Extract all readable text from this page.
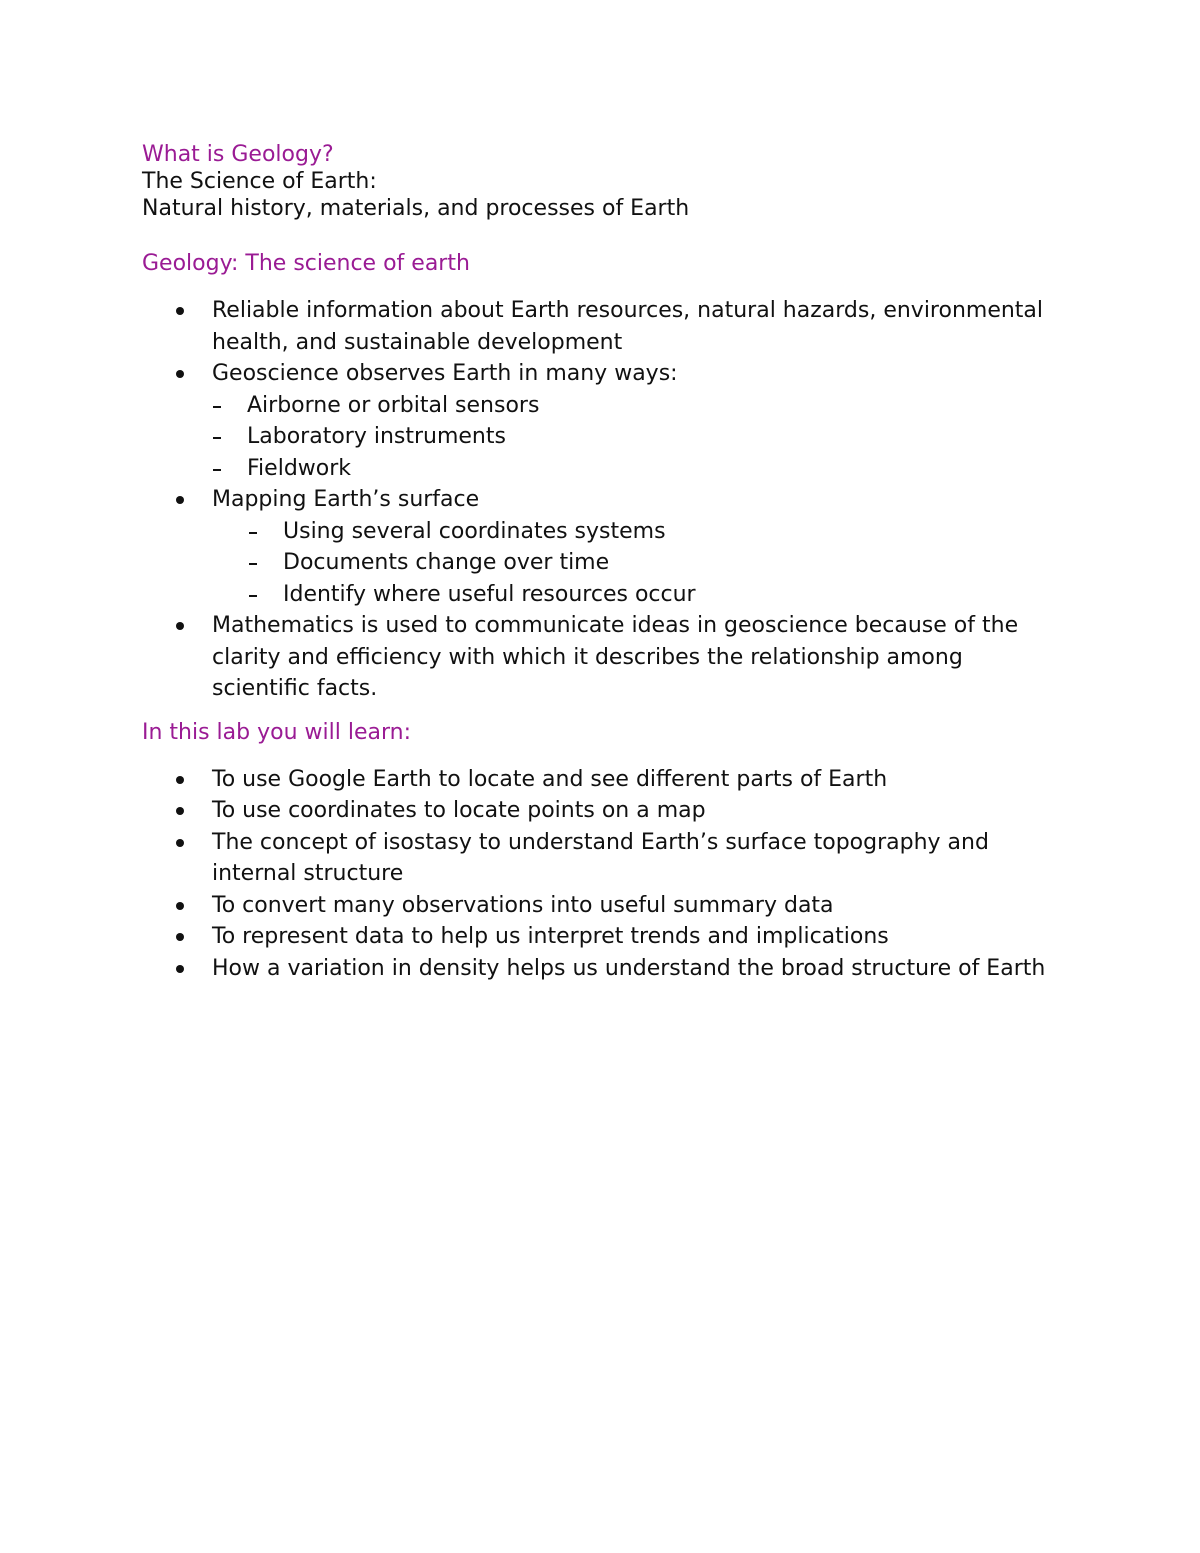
What is Geology?

The Science of Earth:

Natural history, materials, and processes of Earth

Geology: The science of earth

Reliable information about Earth resources, natural hazards, environmental health, and sustainable development
Geoscience observes Earth in many ways:
Airborne or orbital sensors
Laboratory instruments
Fieldwork
Mapping Earth’s surface
Using several coordinates systems
Documents change over time
Identify where useful resources occur
Mathematics is used to communicate ideas in geoscience because of the clarity and efficiency with which it describes the relationship among scientific facts.

In this lab you will learn:

To use Google Earth to locate and see different parts of Earth
To use coordinates to locate points on a map
The concept of isostasy to understand Earth’s surface topography and internal structure
To convert many observations into useful summary data
To represent data to help us interpret trends and implications
How a variation in density helps us understand the broad structure of Earth
